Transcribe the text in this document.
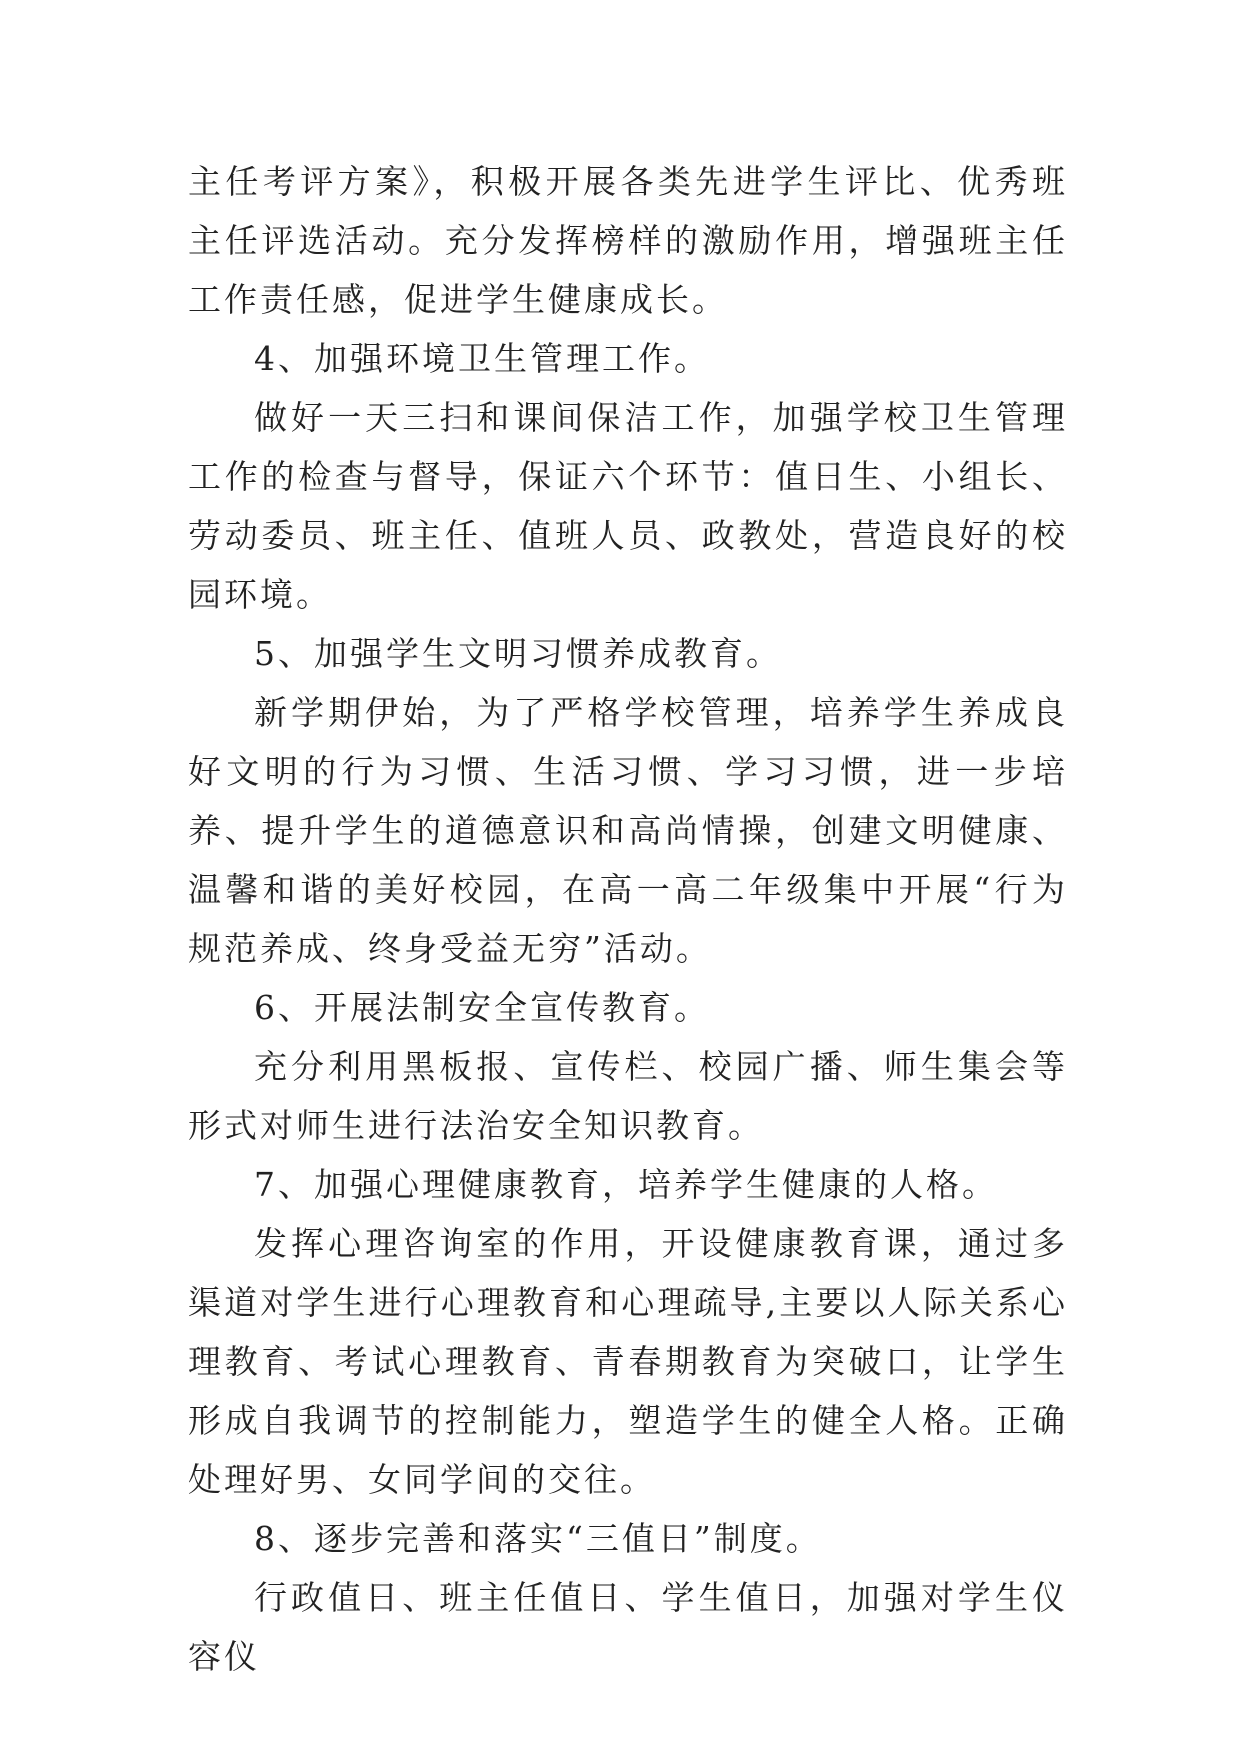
主任考评方案》，积极开展各类先进学生评比、优秀班主任评选活动。充分发挥榜样的激励作用，增强班主任工作责任感，促进学生健康成长。

4、加强环境卫生管理工作。

做好一天三扫和课间保洁工作，加强学校卫生管理工作的检查与督导，保证六个环节：值日生、小组长、劳动委员、班主任、值班人员、政教处，营造良好的校园环境。

5、加强学生文明习惯养成教育。

新学期伊始，为了严格学校管理，培养学生养成良好文明的行为习惯、生活习惯、学习习惯，进一步培养、提升学生的道德意识和高尚情操，创建文明健康、温馨和谐的美好校园，在高一高二年级集中开展“行为规范养成、终身受益无穷”活动。

6、开展法制安全宣传教育。

充分利用黑板报、宣传栏、校园广播、师生集会等形式对师生进行法治安全知识教育。

7、加强心理健康教育，培养学生健康的人格。

发挥心理咨询室的作用，开设健康教育课，通过多渠道对学生进行心理教育和心理疏导,主要以人际关系心理教育、考试心理教育、青春期教育为突破口，让学生形成自我调节的控制能力，塑造学生的健全人格。正确处理好男、女同学间的交往。

8、逐步完善和落实“三值日”制度。

行政值日、班主任值日、学生值日，加强对学生仪容仪
